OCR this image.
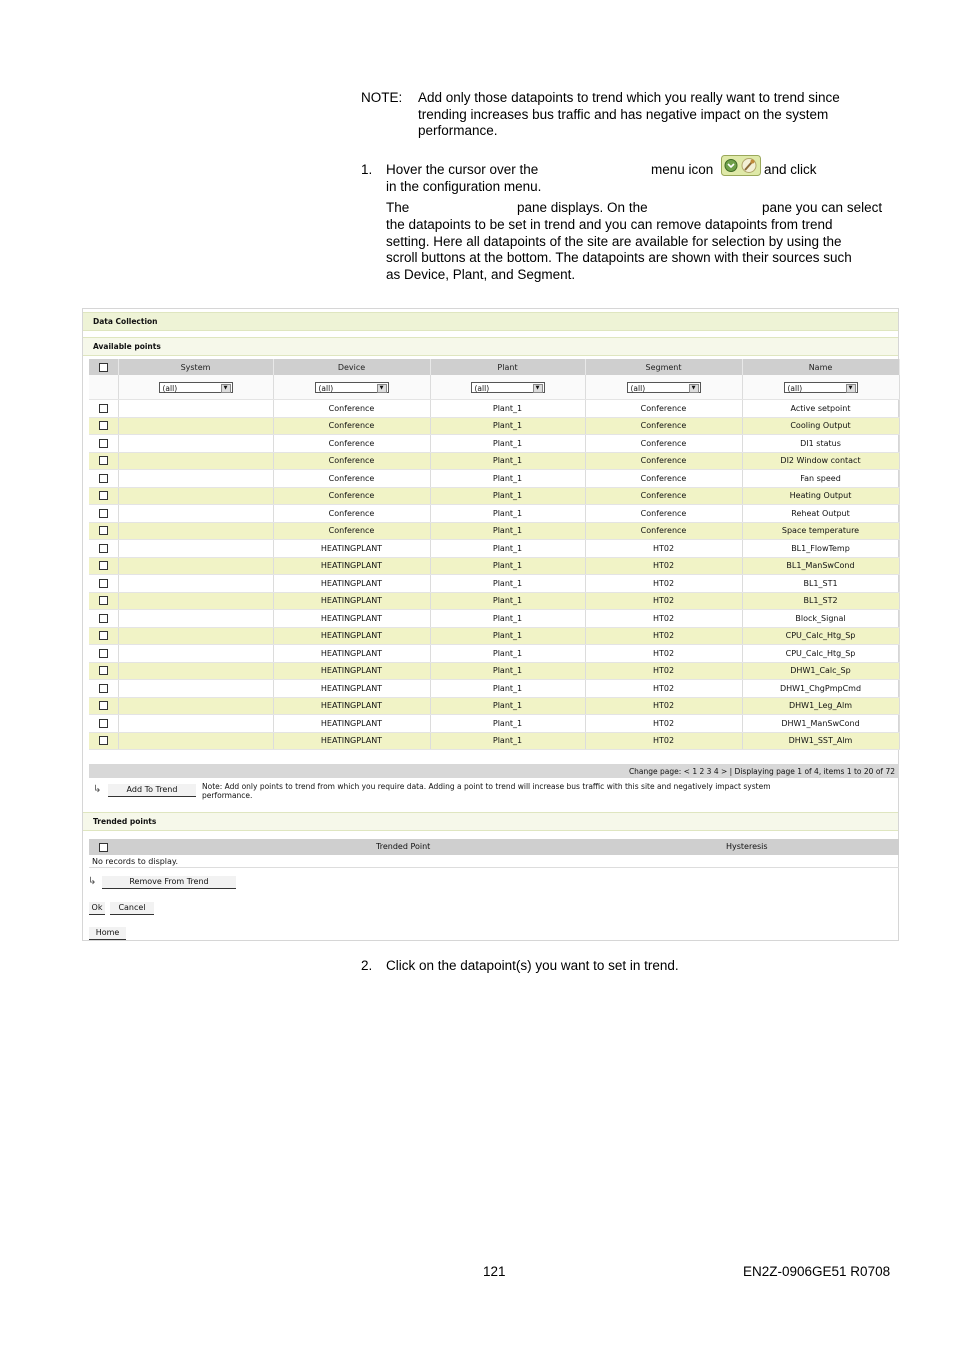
NOTE: Add only those datapoints to trend which you really want to trend since
trending increases bus traffic and has negative impact on the system
performance.
1. Hover the cursor over the	menu icon	and click
in the configuration menu.
The	pane displays. On the	pane you can select
the datapoints to be set in trend and you can remove datapoints from trend
setting. Here all datapoints of the site are available for selection by using the
scroll buttons at the bottom. The datapoints are shown with their sources such
as Device, Plant, and Segment.
Data Collection
Available points
	System	Device	Plant	Segment	Name
	(all) ▼	(all) ▼	(all) ▼	(all) ▼	(all) ▼

		Conference	Plant_1	Conference	Active setpoint
		Conference	Plant_1	Conference	Cooling Output
		Conference	Plant_1	Conference	DI1 status
		Conference	Plant_1	Conference	DI2 Window contact
		Conference	Plant_1	Conference	Fan speed
		Conference	Plant_1	Conference	Heating Output
		Conference	Plant_1	Conference	Reheat Output
		Conference	Plant_1	Conference	Space temperature
		HEATINGPLANT	Plant_1	HT02	BL1_FlowTemp
		HEATINGPLANT	Plant_1	HT02	BL1_ManSwCond
		HEATINGPLANT	Plant_1	HT02	BL1_ST1
		HEATINGPLANT	Plant_1	HT02	BL1_ST2
		HEATINGPLANT	Plant_1	HT02	Block_Signal
		HEATINGPLANT	Plant_1	HT02	CPU_Calc_Htg_Sp
		HEATINGPLANT	Plant_1	HT02	CPU_Calc_Htg_Sp
		HEATINGPLANT	Plant_1	HT02	DHW1_Calc_Sp
		HEATINGPLANT	Plant_1	HT02	DHW1_ChgPmpCmd
		HEATINGPLANT	Plant_1	HT02	DHW1_Leg_Alm
		HEATINGPLANT	Plant_1	HT02	DHW1_ManSwCond
		HEATINGPLANT	Plant_1	HT02	DHW1_SST_Alm
Change page: < 1 2 3 4 > | Displaying page 1 of 4, items 1 to 20 of 72
↳	Add To Trend	Note: Add only points to trend from which you require data. Adding a point to trend will increase bus traffic with this site and negatively impact system
performance.
Trended points
Trended Point	Hysteresis
No records to display.
↳	Remove From Trend
Ok	Cancel
Home
2. Click on the datapoint(s) you want to set in trend.
121	EN2Z-0906GE51 R0708
